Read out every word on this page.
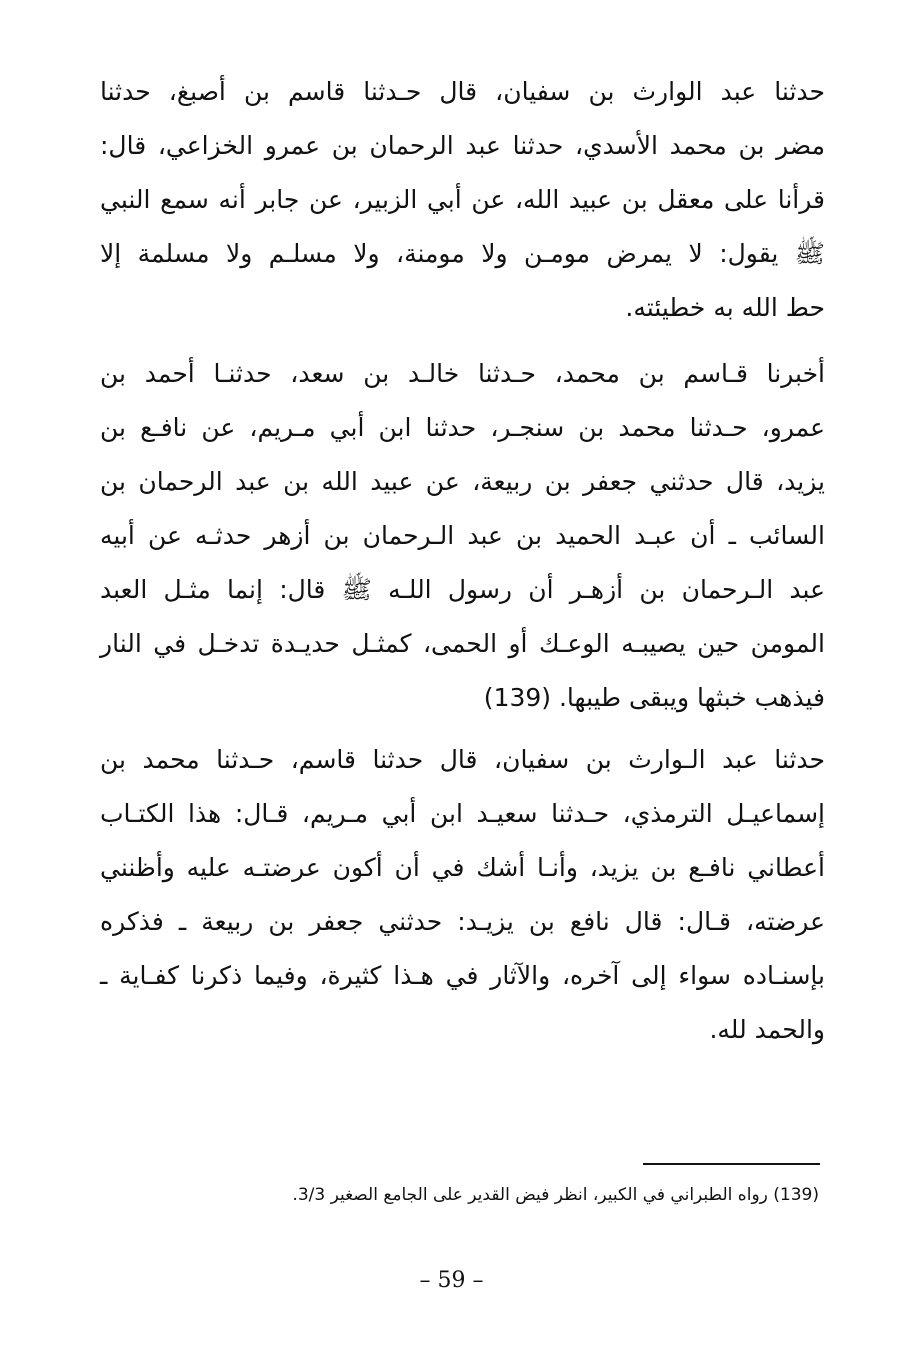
حدثنا عبد الوارث بن سفيان، قال حـدثنا قاسم بن أصبغ، حدثنا
مضر بن محمد الأسدي، حدثنا عبد الرحمان بن عمرو الخزاعي، قال:
قرأنا على معقل بن عبيد الله، عن أبي الزبير، عن جابر أنه سمع النبي
ﷺ يقول: لا يمرض مومـن ولا مومنة، ولا مسلـم ولا مسلمة إلا
حط الله به خطيئته.
أخبرنا قـاسم بن محمد، حـدثنا خالـد بن سعد، حدثنـا أحمد بن
عمرو، حـدثنا محمد بن سنجـر، حدثنا ابن أبي مـريم، عن نافـع بن
يزيد، قال حدثني جعفر بن ربيعة، عن عبيد الله بن عبد الرحمان بن
السائب ـ أن عبـد الحميد بن عبد الـرحمان بن أزهر حدثـه عن أبيه
عبد الـرحمان بن أزهـر أن رسول اللـه ﷺ قال: إنما مثـل العبد
المومن حين يصيبـه الوعـك أو الحمى، كمثـل حديـدة تدخـل في النار
فيذهب خبثها ويبقى طيبها. (139)
حدثنا عبد الـوارث بن سفيان، قال حدثنا قاسم، حـدثنا محمد بن
إسماعيـل الترمذي، حـدثنا سعيـد ابن أبي مـريم، قـال: هذا الكتـاب
أعطاني نافـع بن يزيد، وأنـا أشك في أن أكون عرضتـه عليه وأظنني
عرضته، قـال: قال نافع بن يزيـد: حدثني جعفر بن ربيعة ـ فذكره
بإسنـاده سواء إلى آخره، والآثار في هـذا كثيرة، وفيما ذكرنا كفـاية ـ
والحمد لله.
(139) رواه الطبراني في الكبير، انظر فيض القدير على الجامع الصغير 3/3.
– 59 –
